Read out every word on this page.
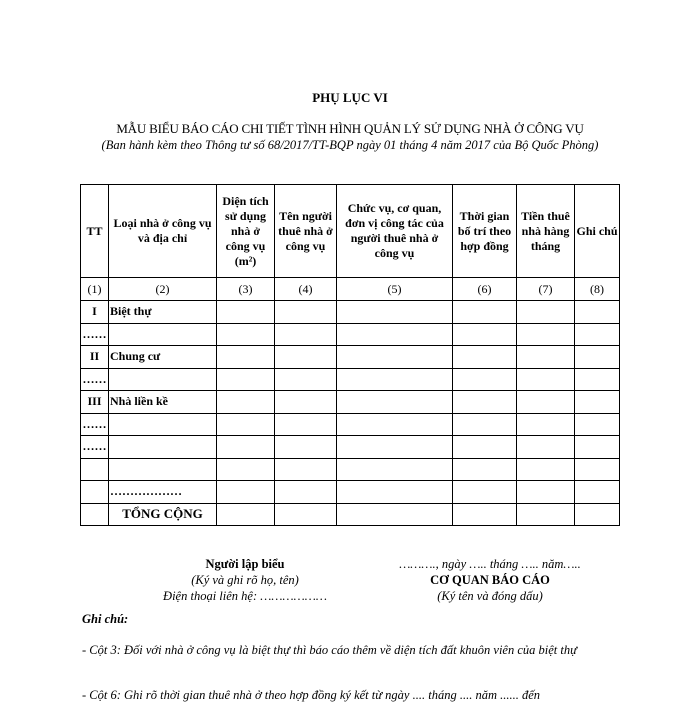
PHỤ LỤC VI
MẪU BIỂU BÁO CÁO CHI TIẾT TÌNH HÌNH QUẢN LÝ SỬ DỤNG NHÀ Ở CÔNG VỤ
(Ban hành kèm theo Thông tư số 68/2017/TT-BQP ngày 01 tháng 4 năm 2017 của Bộ Quốc Phòng)
TT	Loại nhà ở công vụ và địa chỉ	Diện tích sử dụng nhà ở công vụ (m²)	Tên người thuê nhà ở công vụ	Chức vụ, cơ quan, đơn vị công tác của người thuê nhà ở công vụ	Thời gian bố trí theo hợp đồng	Tiền thuê nhà hàng tháng	Ghi chú
(1)	(2)	(3)	(4)	(5)	(6)	(7)	(8)
I	Biệt thự						
……							
II	Chung cư						
……							
III	Nhà liền kề						
……							
……							

	………………						
	TỔNG CỘNG						
Người lập biểu
(Ký và ghi rõ họ, tên)
Điện thoại liên hệ: ………………
………., ngày ….. tháng ….. năm…..
CƠ QUAN BÁO CÁO
(Ký tên và đóng dấu)
Ghi chú:
- Cột 3: Đối với nhà ở công vụ là biệt thự thì báo cáo thêm về diện tích đất khuôn viên của biệt thự
- Cột 6: Ghi rõ thời gian thuê nhà ở theo hợp đồng ký kết từ ngày .... tháng .... năm ...... đến
